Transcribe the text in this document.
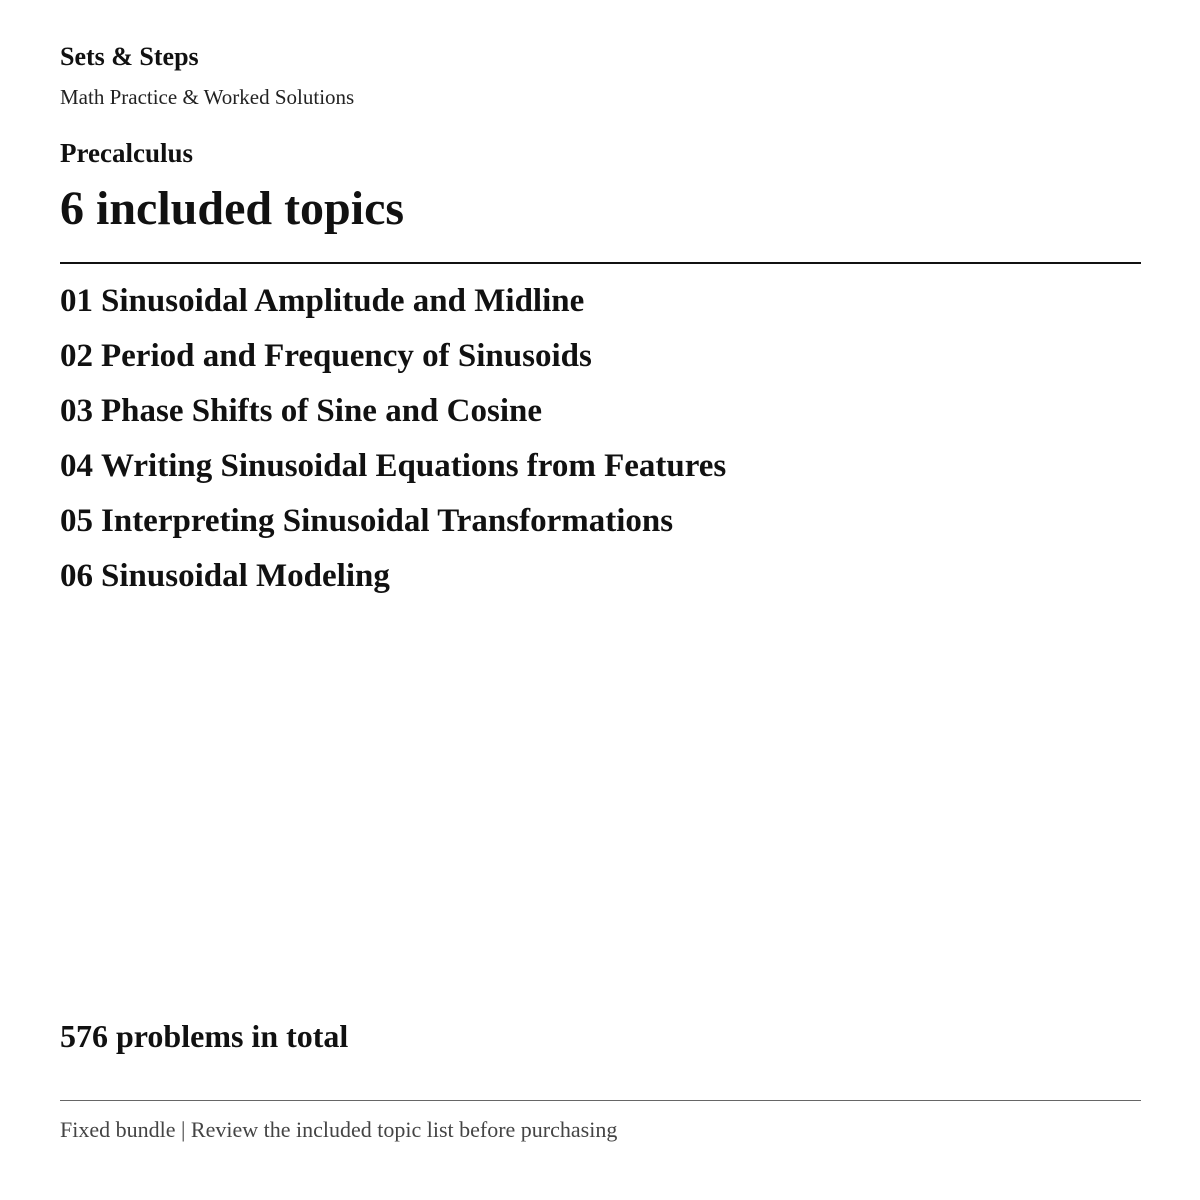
Sets & Steps
Math Practice & Worked Solutions
Precalculus
6 included topics
01 Sinusoidal Amplitude and Midline
02 Period and Frequency of Sinusoids
03 Phase Shifts of Sine and Cosine
04 Writing Sinusoidal Equations from Features
05 Interpreting Sinusoidal Transformations
06 Sinusoidal Modeling
576 problems in total
Fixed bundle | Review the included topic list before purchasing
